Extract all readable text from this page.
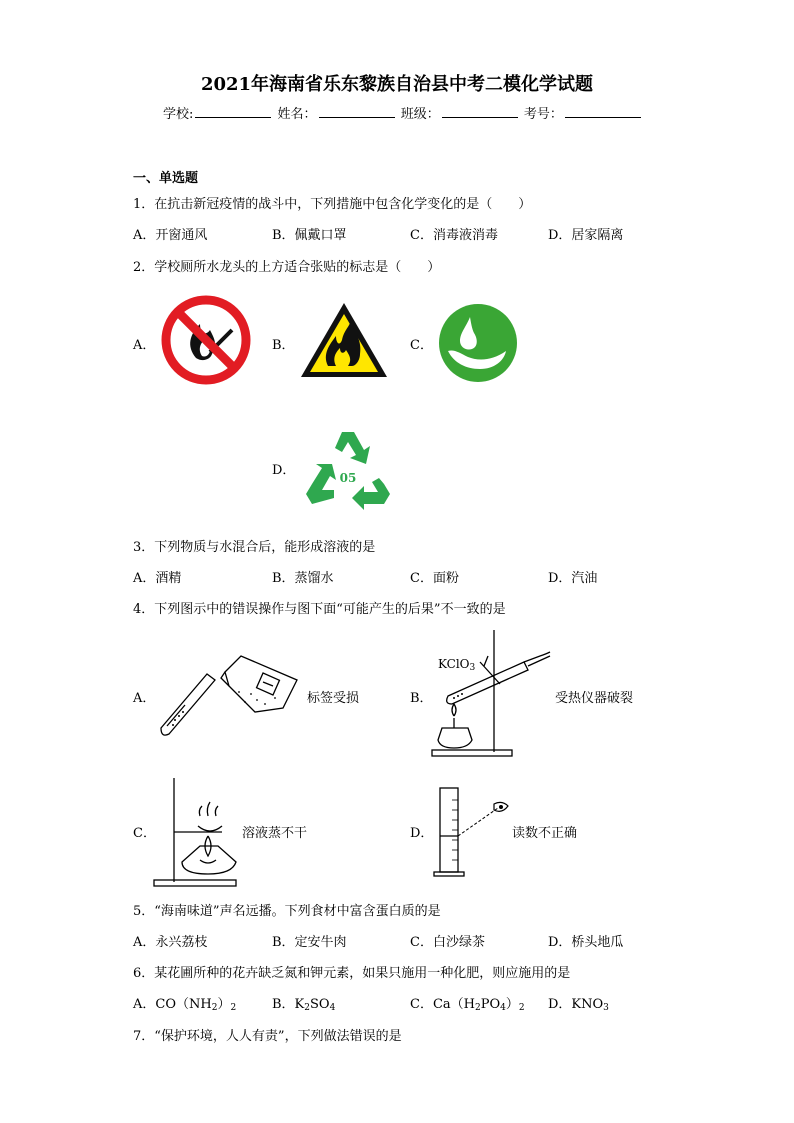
2021年海南省乐东黎族自治县中考二模化学试题
学校:	姓名：	班级：	考号：
一、单选题
1．在抗击新冠疫情的战斗中，下列措施中包含化学变化的是（　　）
A．开窗通风	B．佩戴口罩	C．消毒液消毒	D．居家隔离
2．学校厕所水龙头的上方适合张贴的标志是（　　）
A．	B．	C．
D．	05
3．下列物质与水混合后，能形成溶液的是
A．酒精	B．蒸馏水	C．面粉	D．汽油
4．下列图示中的错误操作与图下面“可能产生的后果”不一致的是
A．	B．
C．	D．
标签受损	受热仪器破裂
溶液蒸不干	读数不正确
KClO$_3$
5．“海南味道”声名远播。下列食材中富含蛋白质的是
A．永兴荔枝	B．定安牛肉	C．白沙绿茶	D．桥头地瓜
6．某花圃所种的花卉缺乏氮和钾元素，如果只施用一种化肥，则应施用的是
A．$CO(NH_2)_2$	B．$K_2SO_4$	C．$Ca(H_2PO_4)_2$ D．$KNO_3$
7．“保护环境，人人有责”，下列做法错误的是
